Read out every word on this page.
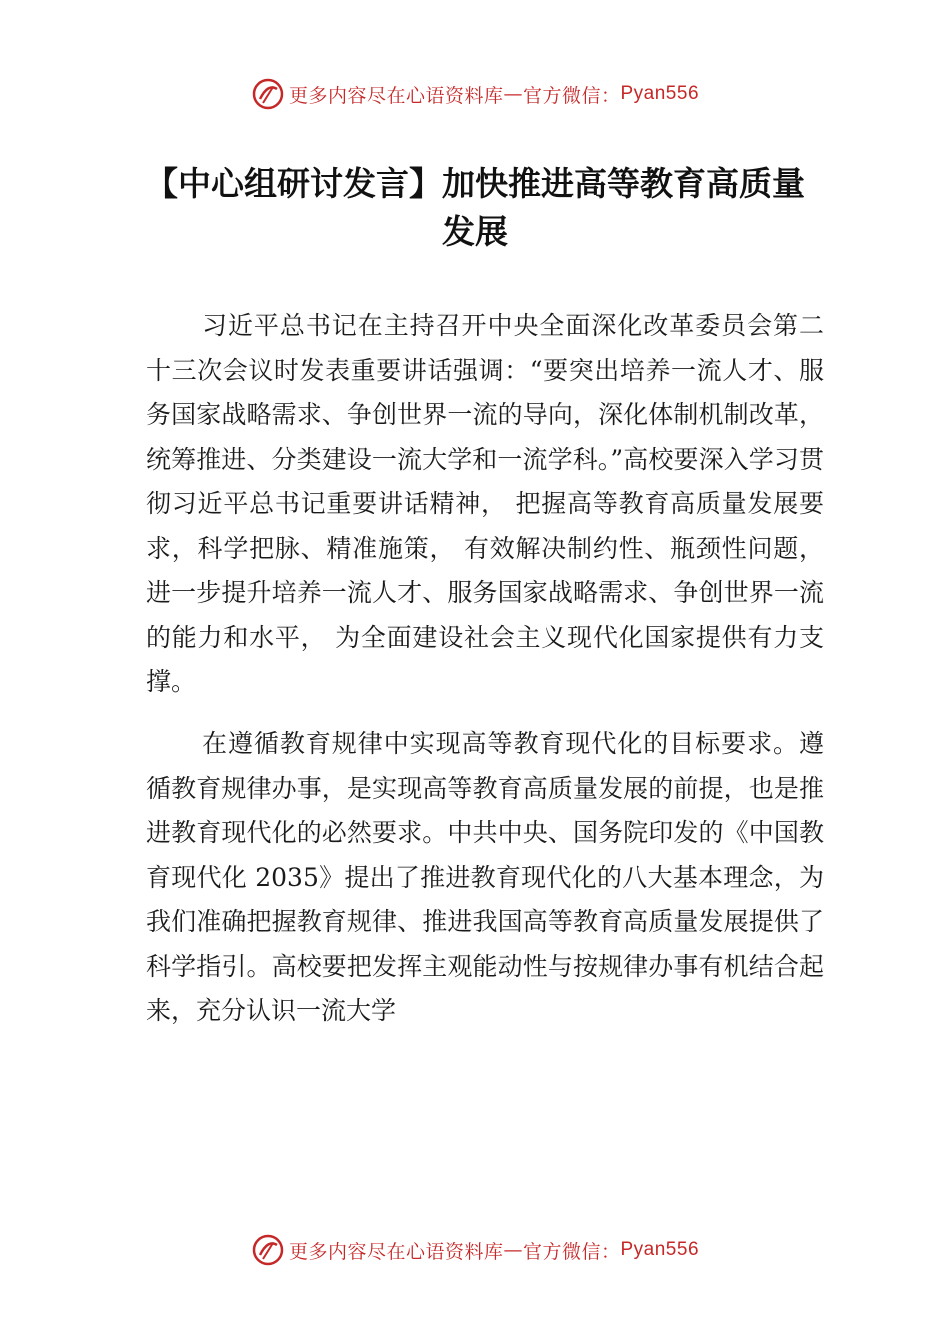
更多内容尽在心语资料库 — 官方微信： Pyan556
【中心组研讨发言】加快推进高等教育高质量发展

习近平总书记在主持召开中央全面深化改革委员会第二十三次会议时发表重要讲话强调：“要突出培养一流人才、服务国家战略需求、争创世界一流的导向，深化体制机制改革，统筹推进、分类建设一流大学和一流学科。”高校要深入学习贯彻习近平总书记重要讲话精神， 把握高等教育高质量发展要求，科学把脉、精准施策， 有效解决制约性、瓶颈性问题，进一步提升培养一流人才、服务国家战略需求、争创世界一流的能力和水平， 为全面建设社会主义现代化国家提供有力支撑。

在遵循教育规律中实现高等教育现代化的目标要求。遵循教育规律办事，是实现高等教育高质量发展的前提，也是推进教育现代化的必然要求。中共中央、国务院印发的《中国教育现代化 2035》提出了推进教育现代化的八大基本理念，为我们准确把握教育规律、推进我国高等教育高质量发展提供了科学指引。高校要把发挥主观能动性与按规律办事有机结合起来，充分认识一流大学

更多内容尽在心语资料库 — 官方微信： Pyan556
